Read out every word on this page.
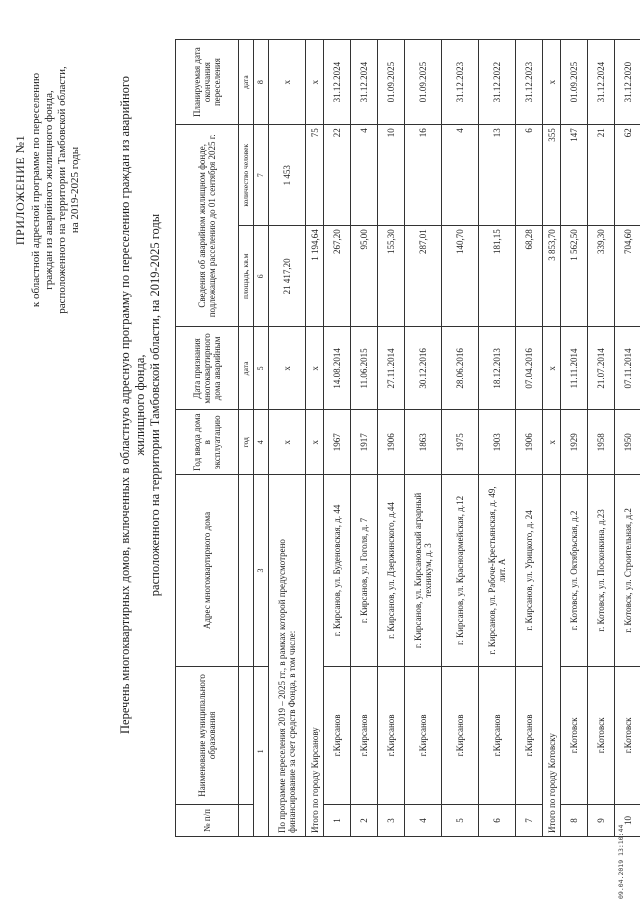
ПРИЛОЖЕНИЕ №1 к областной адресной программе по переселению граждан из аварийного жилищного фонда, расположенного на территории Тамбовской области, на 2019-2025 годы	Перечень многоквартирных домов, включенных в областную адресную программу по переселению граждан из аварийного жилищного фонда, расположенного на территории Тамбовской области, на 2019-2025 годы
№ п/п	Наименование муниципального образования	Адрес многоквартирного дома	Год ввода дома в эксплуатацию	Дата признания многоквартирного дома аварийным	Сведения об аварийном жилищном фонде, подлежащем расселению до 01 сентября 2025 г.		Планируемая дата окончания переселения
			год	дата	площадь, кв.м	количество человек	дата
1		3	4	5	6	7	8
По программе переселения 2019 – 2025 гг., в рамках которой предусмотрено финансирование за счет средств Фонда, в том числе:			x	x	21 417,20	1 453	x
Итого по городу Кирсанову			x	x	1 194,64	75	x
1	г.Кирсанов	г. Кирсанов, ул. Буденовская, д. 44	1967	14.08.2014	267,20	22	31.12.2024
2	г.Кирсанов	г. Кирсанов, ул. Гоголя, д. 7	1917	11.06.2015	95,00	4	31.12.2024
3	г.Кирсанов	г. Кирсанов, ул. Дзержинского, д.44	1906	27.11.2014	155,30	10	01.09.2025
4	г.Кирсанов	г. Кирсанов, ул. Кирсановский аграрный техникум, д. 3	1863	30.12.2016	287,01	16	01.09.2025
5	г.Кирсанов	г. Кирсанов, ул. Красноармейская, д.12	1975	28.06.2016	140,70	4	31.12.2023
6	г.Кирсанов	г. Кирсанов, ул. Рабоче-Крестьянская, д. 49, лит. А	1903	18.12.2013	181,15	13	31.12.2022
7	г.Кирсанов	г. Кирсанов, ул. Урицкого, д. 24	1906	07.04.2016	68,28	6	31.12.2023
Итого по городу Котовску			x	x	3 853,70	355	x
8	г.Котовск	г. Котовск, ул. Октябрьская, д.2	1929	11.11.2014	1 562,50	147	01.09.2025
9	г.Котовск	г. Котовск, ул. Посконкина, д.23	1958	21.07.2014	339,30	21	31.12.2024
10	г.Котовск	г. Котовск, ул. Строительная, д.2	1950	07.11.2014	704,60	62	31.12.2020
09.04.2019 13:10:44
